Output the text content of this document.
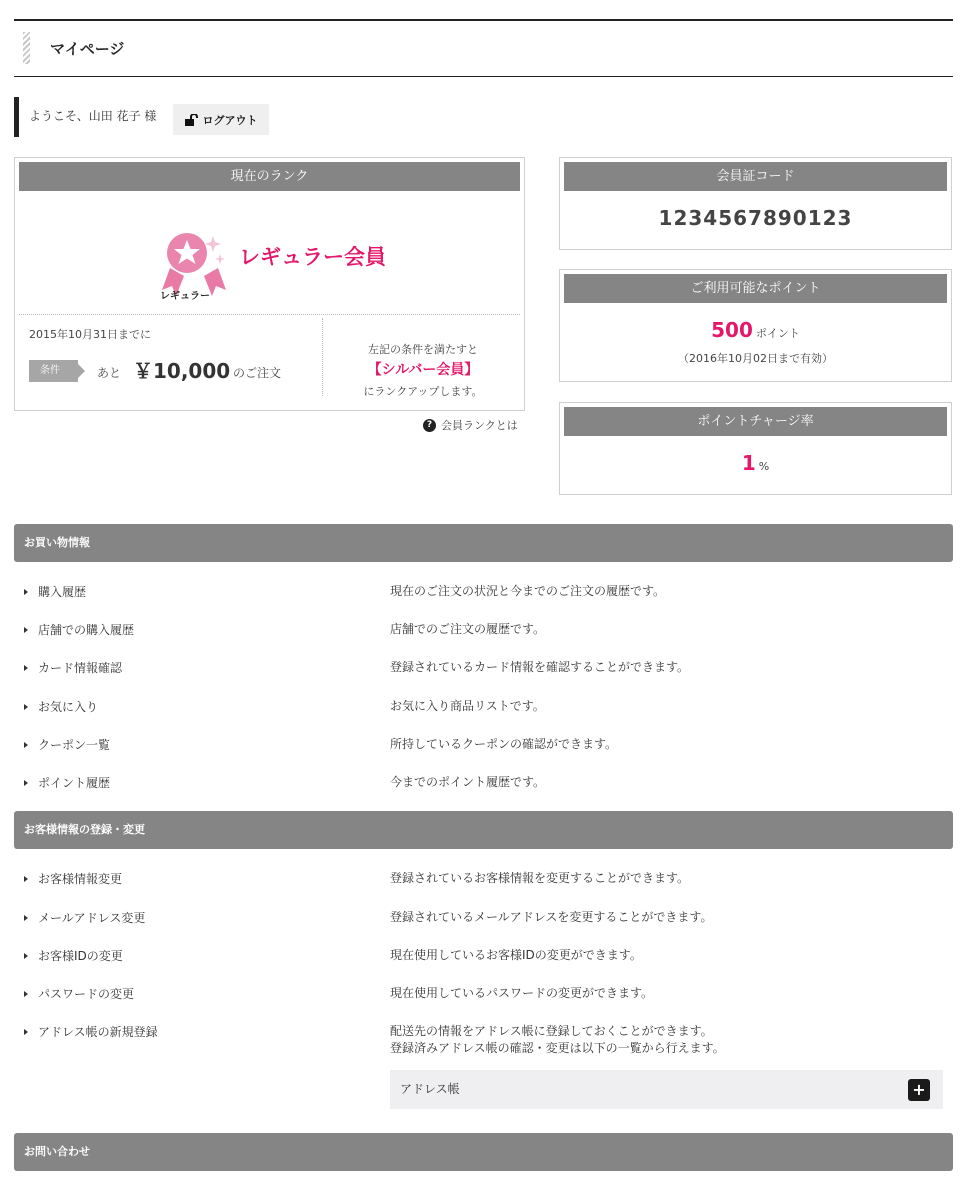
マイページ
ようこそ、山田 花子 様	ログアウト
現在のランク
レギュラー
レギュラー会員
2015年10月31日までに
条件	あと ￥10,000 のご注文
左記の条件を満たすと
【シルバー会員】
にランクアップします。
? 会員ランクとは
会員証コード
1234567890123
ご利用可能なポイント
500 ポイント
（2016年10月02日まで有効）
ポイントチャージ率
1 %
お買い物情報
購入履歴	現在のご注文の状況と今までのご注文の履歴です。
店舗での購入履歴	店舗でのご注文の履歴です。
カード情報確認	登録されているカード情報を確認することができます。
お気に入り	お気に入り商品リストです。
クーポン一覧	所持しているクーポンの確認ができます。
ポイント履歴	今までのポイント履歴です。
お客様情報の登録・変更
お客様情報変更	登録されているお客様情報を変更することができます。
メールアドレス変更	登録されているメールアドレスを変更することができます。
お客様IDの変更	現在使用しているお客様IDの変更ができます。
パスワードの変更	現在使用しているパスワードの変更ができます。
アドレス帳の新規登録	配送先の情報をアドレス帳に登録しておくことができます。
登録済みアドレス帳の確認・変更は以下の一覧から行えます。
アドレス帳	+
お問い合わせ
